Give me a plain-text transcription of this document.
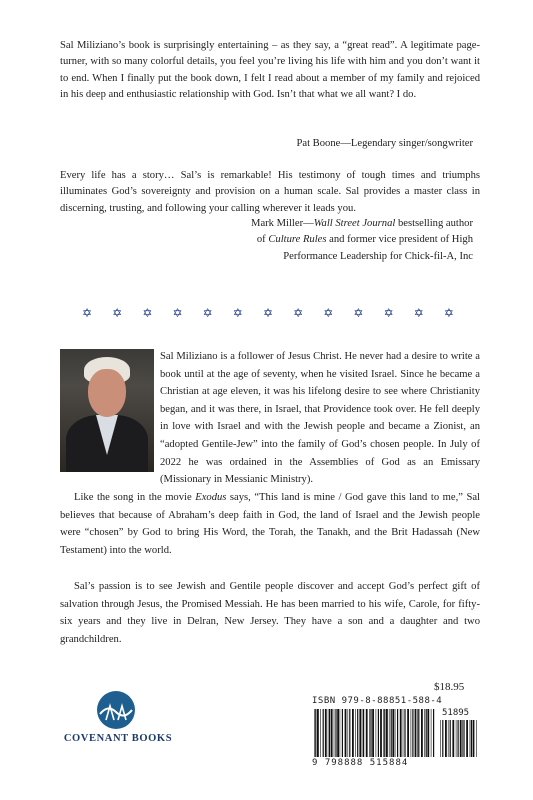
Sal Miliziano’s book is surprisingly entertaining – as they say, a “great read”. A legitimate page-turner, with so many colorful details, you feel you’re living his life with him and you don’t want it to end. When I finally put the book down, I felt I read about a member of my family and rejoiced in his deep and enthusiastic relationship with God. Isn’t that what we all want? I do.

Pat Boone—Legendary singer/songwriter

Every life has a story… Sal’s is remarkable! His testimony of tough times and triumphs illuminates God’s sovereignty and provision on a human scale. Sal provides a master class in discerning, trusting, and following your calling wherever it leads you.

Mark Miller—Wall Street Journal bestselling author
of Culture Rules and former vice president of High
Performance Leadership for Chick-fil-A, Inc
✡ ✡ ✡ ✡ ✡ ✡ ✡ ✡ ✡ ✡ ✡ ✡ ✡

Sal Miliziano is a follower of Jesus Christ. He never had a desire to write a book until at the age of seventy, when he visited Israel. Since he became a Christian at age eleven, it was his lifelong desire to see where Christianity began, and it was there, in Israel, that Providence took over. He fell deeply in love with Israel and with the Jewish people and became a Zionist, an “adopted Gentile-Jew” into the family of God’s chosen people. In July of 2022 he was ordained in the Assemblies of God as an Emissary (Missionary in Messianic Ministry).

Like the song in the movie Exodus says, “This land is mine / God gave this land to me,” Sal believes that because of Abraham’s deep faith in God, the land of Israel and the Jewish people were “chosen” by God to bring His Word, the Torah, the Tanakh, and the Brit Hadassah (New Testament) into the world.

Sal’s passion is to see Jewish and Gentile people discover and accept God’s perfect gift of salvation through Jesus, the Promised Messiah. He has been married to his wife, Carole, for fifty-six years and they live in Delran, New Jersey. They have a son and a daughter and two grandchildren.

$18.95
ISBN 979-8-88851-588-4
51895
9 798888 515884
COVENANT BOOKS
